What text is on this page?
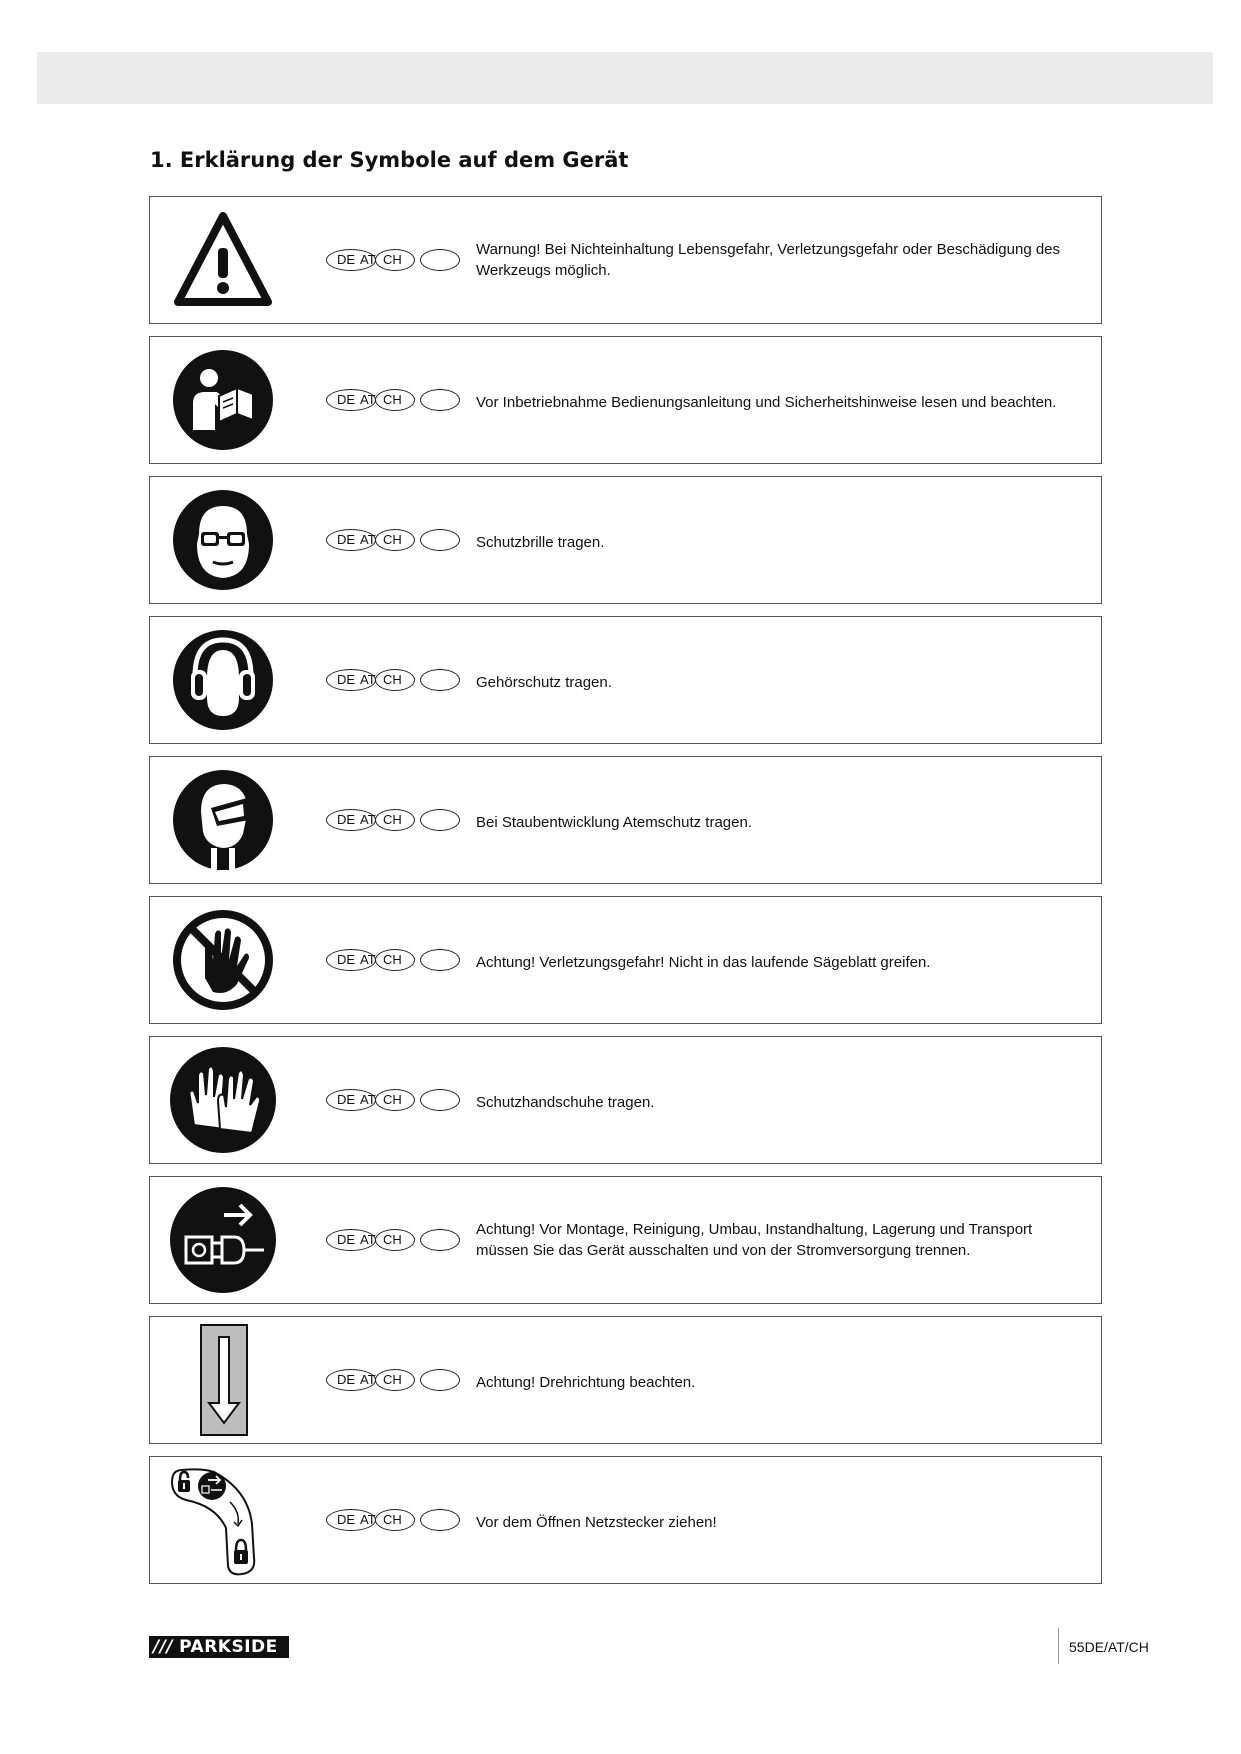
1. Erklärung der Symbole auf dem Gerät
DE AT CH
Warnung! Bei Nichteinhaltung Lebensgefahr, Verletzungsgefahr oder Beschädigung des Werkzeugs möglich.
DE AT CH	Vor Inbetriebnahme Bedienungsanleitung und Sicherheitshinweise lesen und beachten.
DE AT CH	Schutzbrille tragen.
DE AT CH	Gehörschutz tragen.
DE AT CH	Bei Staubentwicklung Atemschutz tragen.
DE AT CH	Achtung! Verletzungsgefahr! Nicht in das laufende Sägeblatt greifen.
DE AT CH	Schutzhandschuhe tragen.
DE AT CH
Achtung! Vor Montage, Reinigung, Umbau, Instandhaltung, Lagerung und Transport müssen Sie das Gerät ausschalten und von der Stromversorgung trennen.
DE AT CH	Achtung! Drehrichtung beachten.
DE AT CH	Vor dem Öffnen Netzstecker ziehen!
/// PARKSIDE	55DE/AT/CH
